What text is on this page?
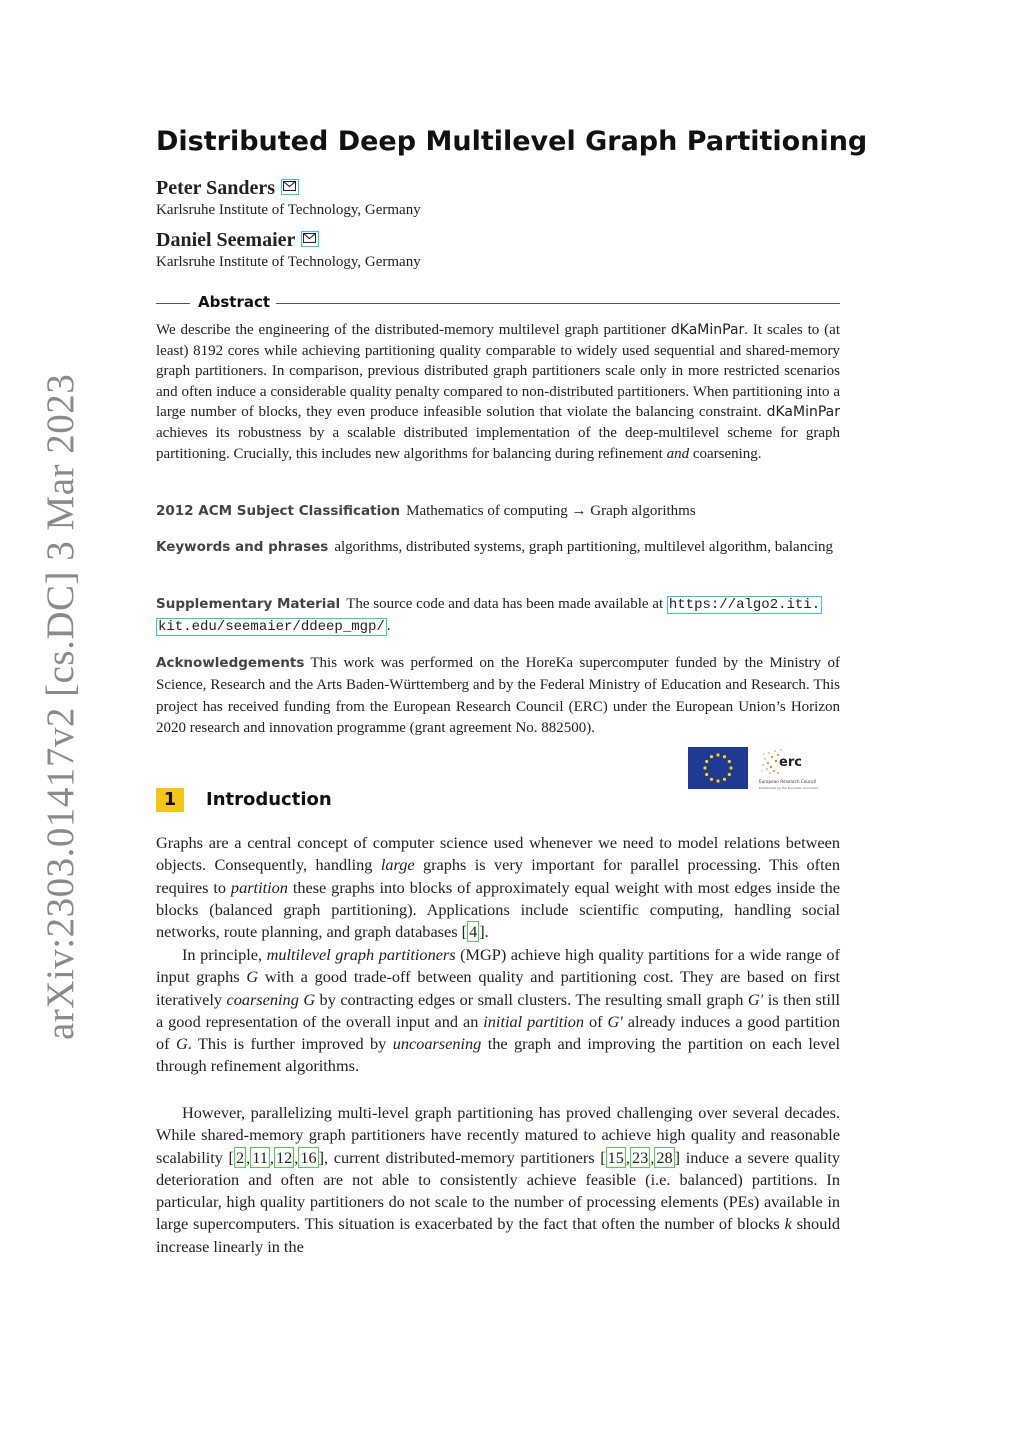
arXiv:2303.01417v2 [cs.DC] 3 Mar 2023
Distributed Deep Multilevel Graph Partitioning
Peter Sanders
Karlsruhe Institute of Technology, Germany
Daniel Seemaier
Karlsruhe Institute of Technology, Germany
Abstract
We describe the engineering of the distributed-memory multilevel graph partitioner dKaMinPar. It scales to (at least) 8192 cores while achieving partitioning quality comparable to widely used sequential and shared-memory graph partitioners. In comparison, previous distributed graph partitioners scale only in more restricted scenarios and often induce a considerable quality penalty compared to non-distributed partitioners. When partitioning into a large number of blocks, they even produce infeasible solution that violate the balancing constraint. dKaMinPar achieves its robustness by a scalable distributed implementation of the deep-multilevel scheme for graph partitioning. Crucially, this includes new algorithms for balancing during refinement and coarsening.
2012 ACM Subject Classification Mathematics of computing → Graph algorithms
Keywords and phrases algorithms, distributed systems, graph partitioning, multilevel algorithm, balancing
Supplementary Material The source code and data has been made available at https://algo2.iti.
kit.edu/seemaier/ddeep_mgp/ .
Acknowledgements This work was performed on the HoreKa supercomputer funded by the Ministry of Science, Research and the Arts Baden-Württemberg and by the Federal Ministry of Education and Research. This project has received funding from the European Research Council (ERC) under the European Union’s Horizon 2020 research and innovation programme (grant agreement No. 882500).
1	Introduction
Graphs are a central concept of computer science used whenever we need to model relations between objects. Consequently, handling large graphs is very important for parallel processing. This often requires to partition these graphs into blocks of approximately equal weight with most edges inside the blocks (balanced graph partitioning). Applications include scientific computing, handling social networks, route planning, and graph databases [ 4 ].
In principle, multilevel graph partitioners (MGP) achieve high quality partitions for a wide range of input graphs G with a good trade-off between quality and partitioning cost. They are based on first iteratively coarsening G by contracting edges or small clusters. The resulting small graph G′ is then still a good representation of the overall input and an initial partition of G′ already induces a good partition of G. This is further improved by uncoarsening the graph and improving the partition on each level through refinement algorithms.
However, parallelizing multi-level graph partitioning has proved challenging over several decades. While shared-memory graph partitioners have recently matured to achieve high quality and reasonable scalability [ 2 , 11 , 12 , 16 ], current distributed-memory partitioners [ 15 , 23 , 28 ] induce a severe quality deterioration and often are not able to consistently achieve feasible (i.e. balanced) partitions. In particular, high quality partitioners do not scale to the number of processing elements (PEs) available in large supercomputers. This situation is exacerbated by the fact that often the number of blocks k should increase linearly in the
erc
European Research Council
Established by the European Commission
